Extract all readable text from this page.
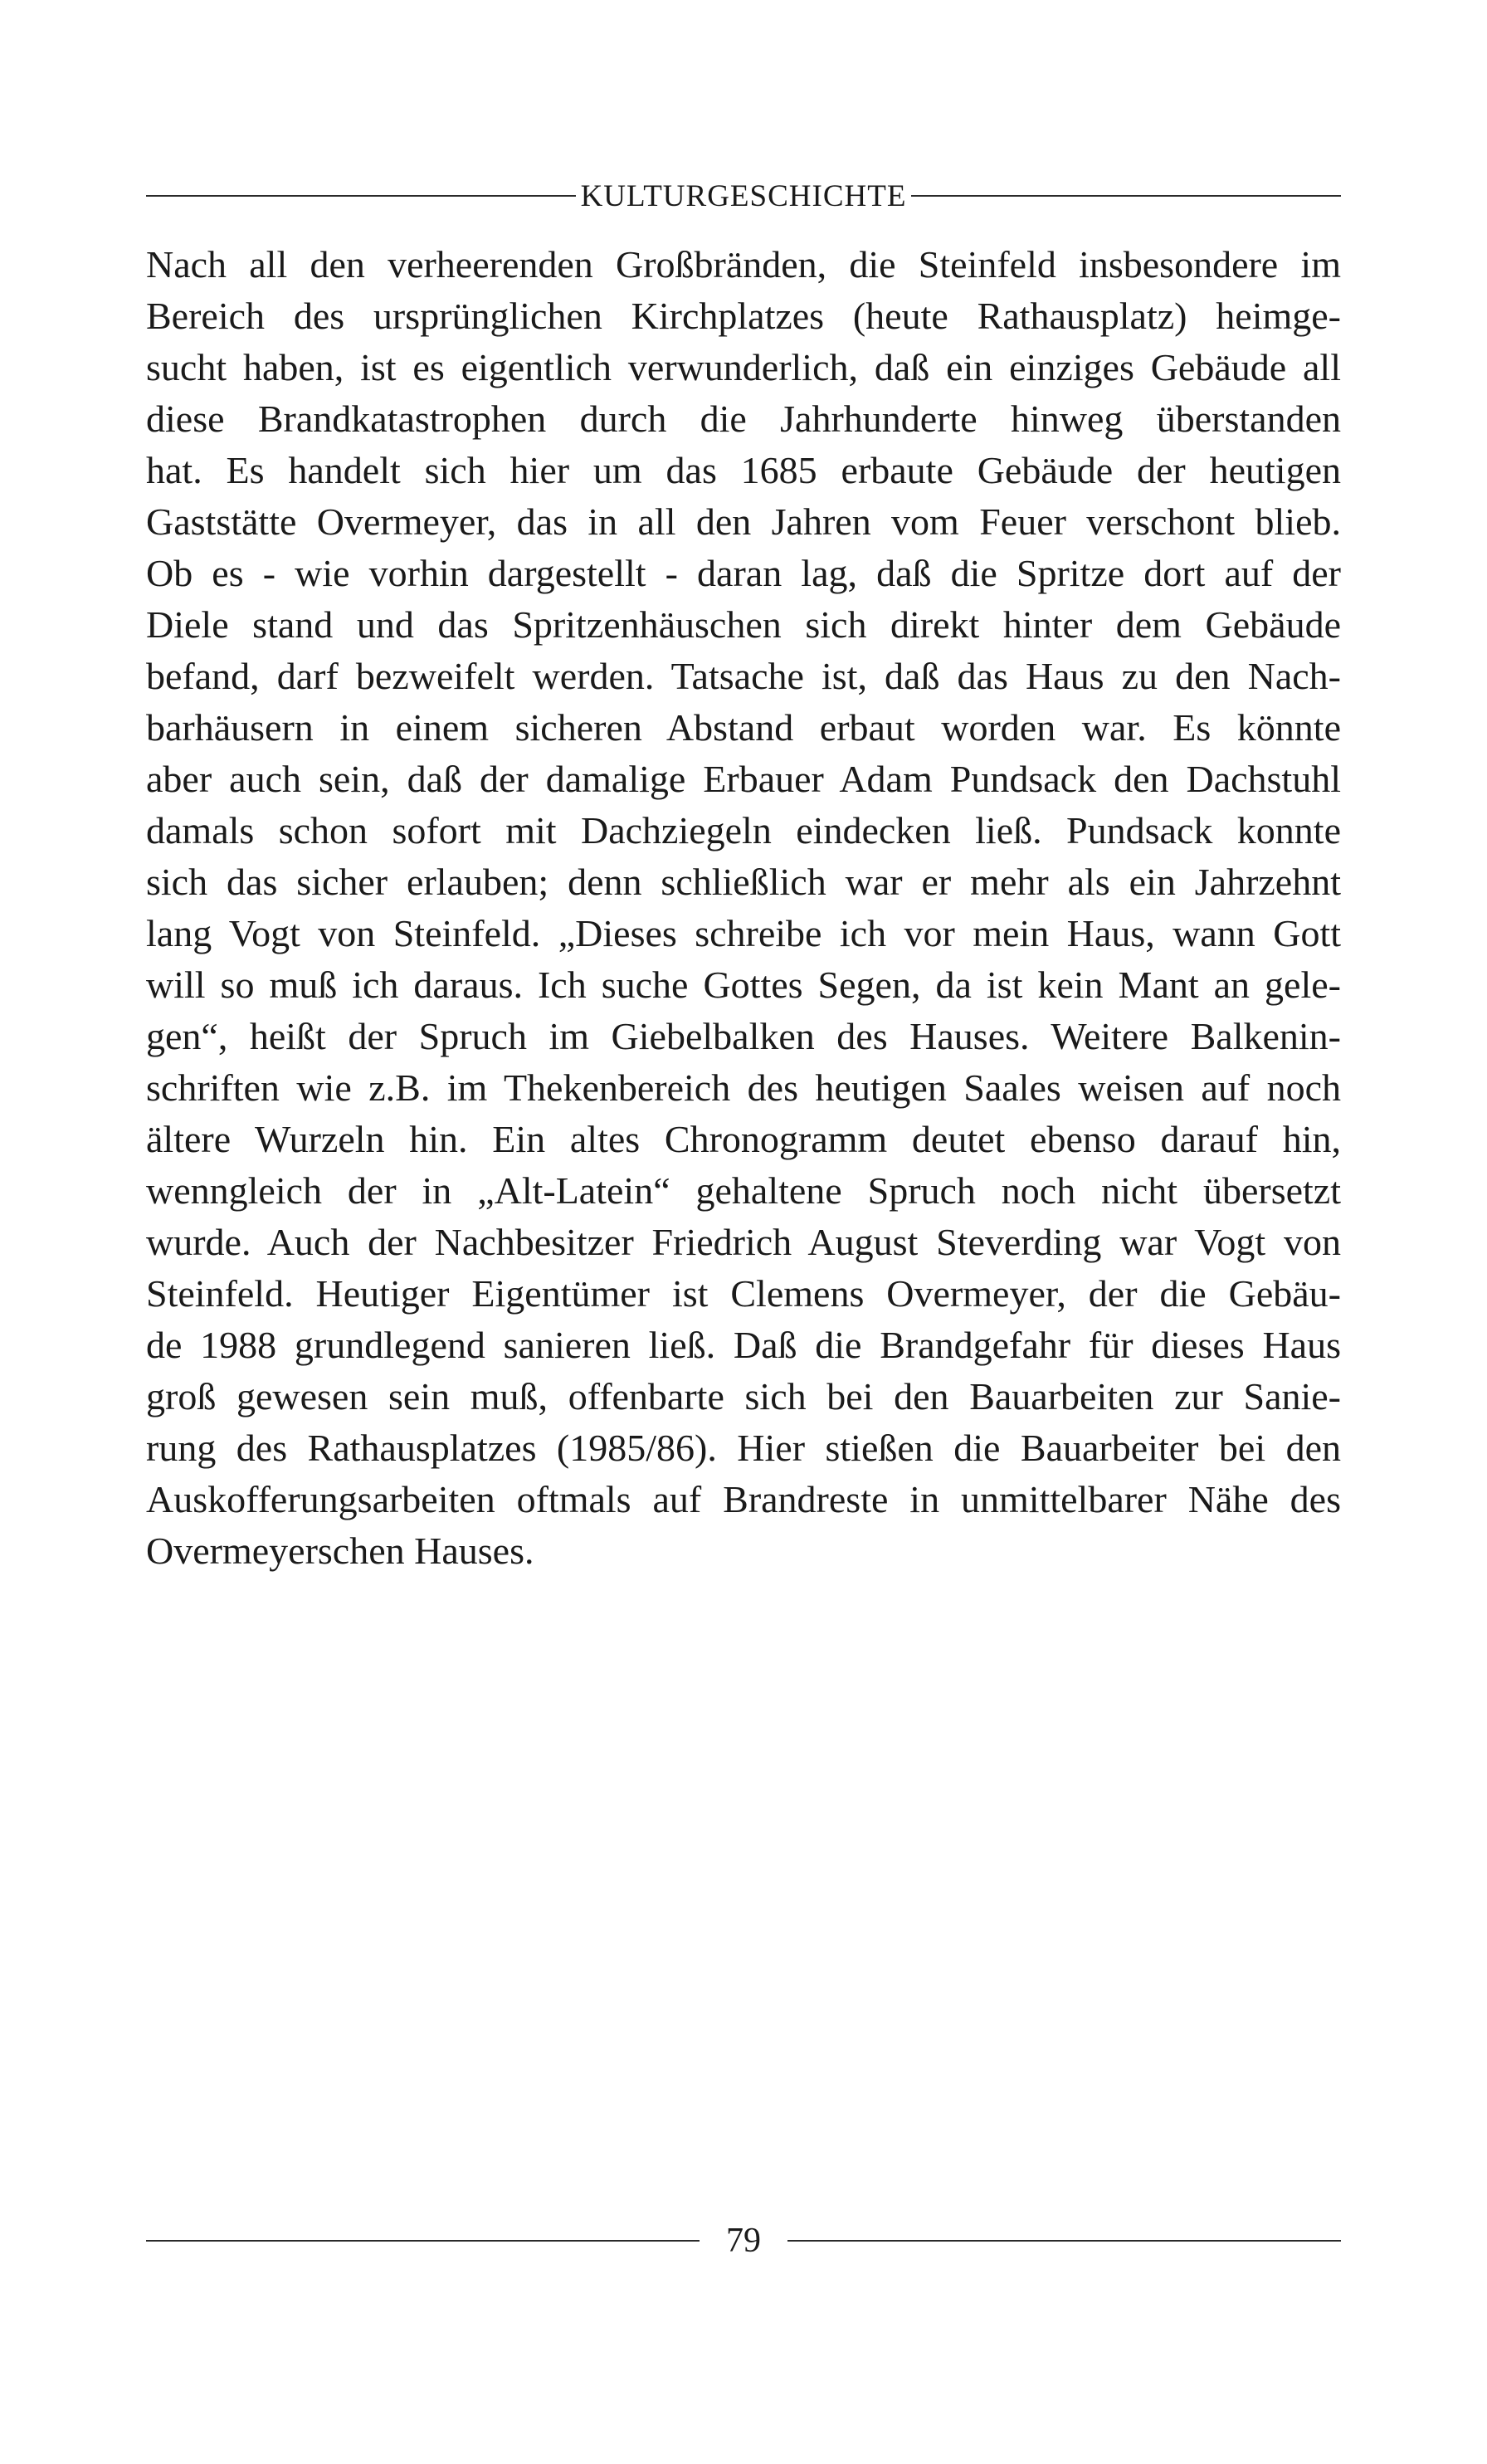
KULTURGESCHICHTE
Nach all den verheerenden Großbränden, die Steinfeld insbesondere im
Bereich des ursprünglichen Kirchplatzes (heute Rathausplatz) heimge-
sucht haben, ist es eigentlich verwunderlich, daß ein einziges Gebäude all
diese Brandkatastrophen durch die Jahrhunderte hinweg überstanden
hat. Es handelt sich hier um das 1685 erbaute Gebäude der heutigen
Gaststätte Overmeyer, das in all den Jahren vom Feuer verschont blieb.
Ob es - wie vorhin dargestellt - daran lag, daß die Spritze dort auf der
Diele stand und das Spritzenhäuschen sich direkt hinter dem Gebäude
befand, darf bezweifelt werden. Tatsache ist, daß das Haus zu den Nach-
barhäusern in einem sicheren Abstand erbaut worden war. Es könnte
aber auch sein, daß der damalige Erbauer Adam Pundsack den Dachstuhl
damals schon sofort mit Dachziegeln eindecken ließ. Pundsack konnte
sich das sicher erlauben; denn schließlich war er mehr als ein Jahrzehnt
lang Vogt von Steinfeld. „Dieses schreibe ich vor mein Haus, wann Gott
will so muß ich daraus. Ich suche Gottes Segen, da ist kein Mant an gele-
gen“, heißt der Spruch im Giebelbalken des Hauses. Weitere Balkenin-
schriften wie z.B. im Thekenbereich des heutigen Saales weisen auf noch
ältere Wurzeln hin. Ein altes Chronogramm deutet ebenso darauf hin,
wenngleich der in „Alt-Latein“ gehaltene Spruch noch nicht übersetzt
wurde. Auch der Nachbesitzer Friedrich August Steverding war Vogt von
Steinfeld. Heutiger Eigentümer ist Clemens Overmeyer, der die Gebäu-
de 1988 grundlegend sanieren ließ. Daß die Brandgefahr für dieses Haus
groß gewesen sein muß, offenbarte sich bei den Bauarbeiten zur Sanie-
rung des Rathausplatzes (1985/86). Hier stießen die Bauarbeiter bei den
Auskofferungsarbeiten oftmals auf Brandreste in unmittelbarer Nähe des
Overmeyerschen Hauses.
79
